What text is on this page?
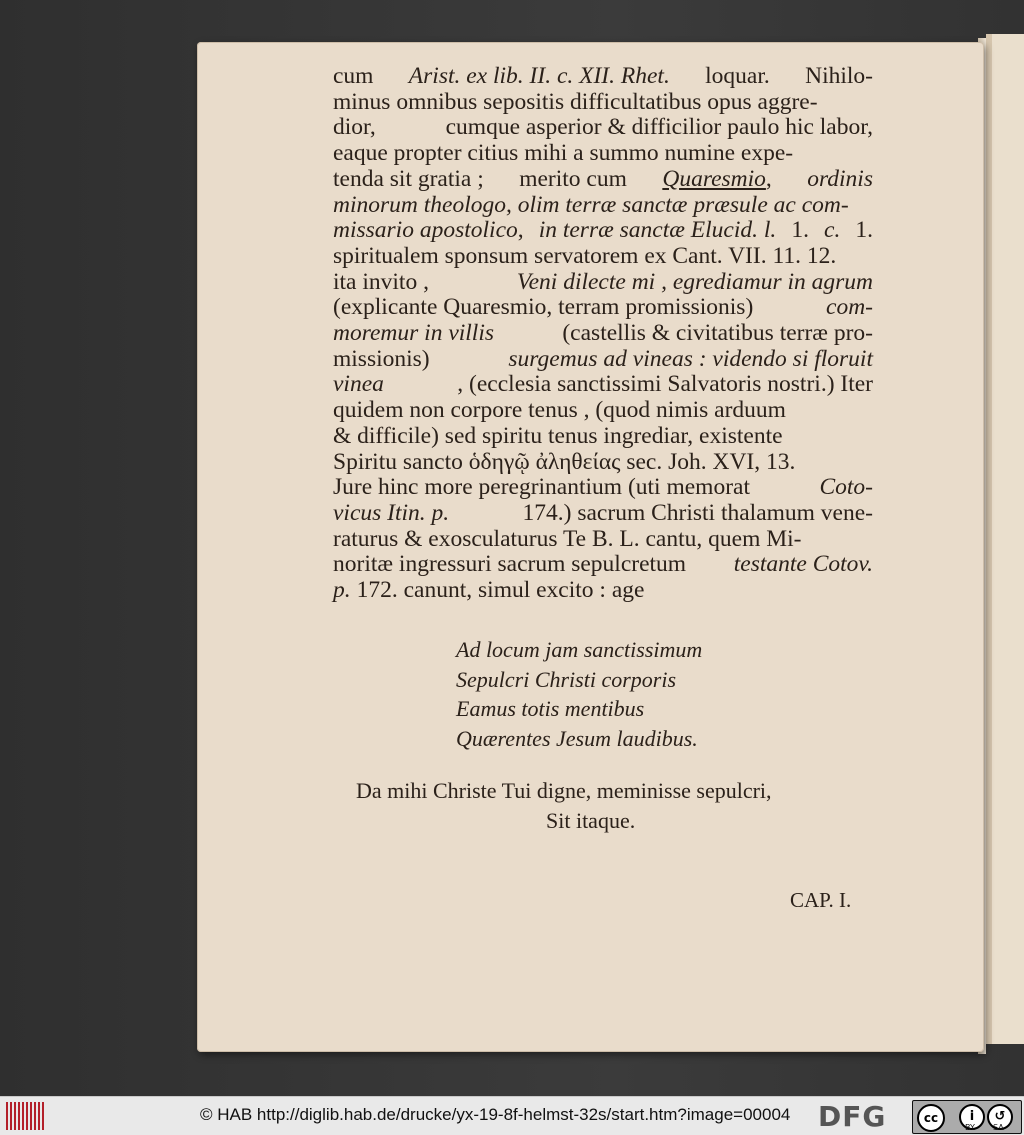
cum Arist. ex lib. II. c. XII. Rhet. loquar. Nihilo-
minus omnibus sepositis difficultatibus opus aggre-
dior,	cumque asperior & difficilior paulo hic labor,
eaque propter citius mihi a summo numine expe-
tenda sit gratia ; merito cum Quaresmio, ordinis
minorum theologo, olim terræ sanctæ præsule ac com-
missario apostolico, in terræ sanctæ Elucid. l. 1. c. 1.
spiritualem sponsum servatorem ex Cant. VII. 11. 12.
ita invito ,	Veni dilecte mi , egrediamur in agrum
(explicante Quaresmio, terram promissionis)	com-
moremur in villis	(castellis & civitatibus terræ pro-
missionis)	surgemus ad vineas : videndo si floruit
vinea	, (ecclesia sanctissimi Salvatoris nostri.) Iter
quidem non corpore tenus , (quod nimis arduum
& difficile) sed spiritu tenus ingrediar, existente
Spiritu sancto ὁδηγῷ ἀληθείας sec. Joh. XVI, 13.
Jure hinc more peregrinantium (uti memorat	Coto-
vicus Itin. p.	174.) sacrum Christi thalamum vene-
raturus & exosculaturus Te B. L. cantu, quem Mi-
noritæ ingressuri sacrum sepulcretum testante Cotov.
p. 172. canunt, simul excito : age
Ad locum jam sanctissimum
Sepulcri Christi corporis
Eamus totis mentibus
Quærentes Jesum laudibus.
Da mihi Christe Tui digne, meminisse sepulcri,
Sit itaque.
CAP. I.
© HAB http://diglib.hab.de/drucke/yx-19-8f-helmst-32s/start.htm?image=00004 DFG	cc	i	↺
BY SA
